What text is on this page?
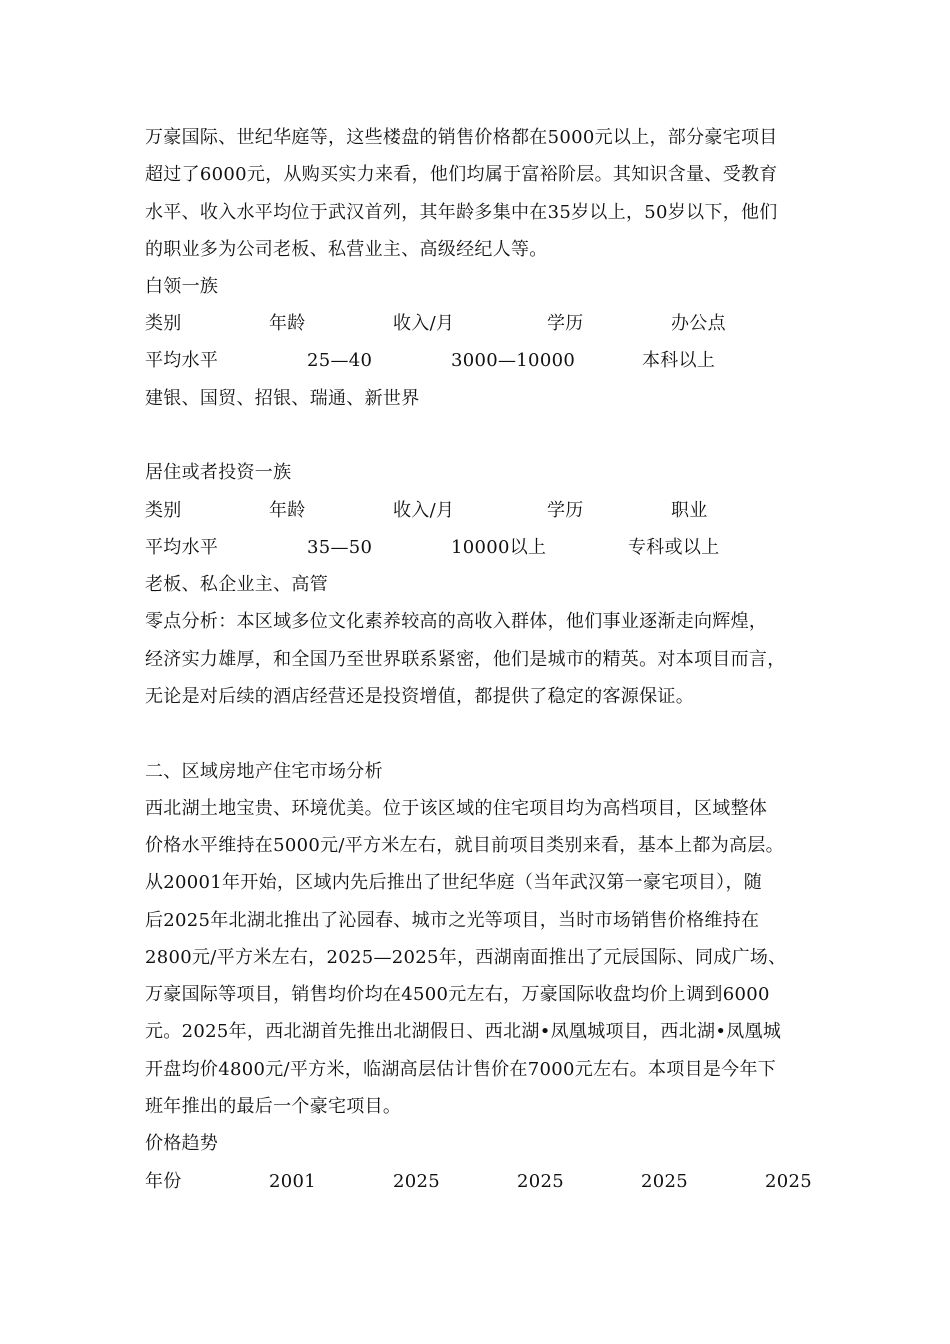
万豪国际、世纪华庭等，这些楼盘的销售价格都在5000元以上，部分豪宅项目
超过了6000元，从购买实力来看，他们均属于富裕阶层。其知识含量、受教育
水平、收入水平均位于武汉首列，其年龄多集中在35岁以上，50岁以下，他们
的职业多为公司老板、私营业主、高级经纪人等。
白领一族
类别	年龄	收入/月	学历	办公点
平均水平	25—40	3000—10000	本科以上
建银、国贸、招银、瑞通、新世界
居住或者投资一族
类别	年龄	收入/月	学历	职业
平均水平	35—50	10000以上	专科或以上
老板、私企业主、高管
零点分析：本区域多位文化素养较高的高收入群体，他们事业逐渐走向辉煌，
经济实力雄厚，和全国乃至世界联系紧密，他们是城市的精英。对本项目而言，
无论是对后续的酒店经营还是投资增值，都提供了稳定的客源保证。
二、区域房地产住宅市场分析
西北湖土地宝贵、环境优美。位于该区域的住宅项目均为高档项目，区域整体
价格水平维持在5000元/平方米左右，就目前项目类别来看，基本上都为高层。
从20001年开始，区域内先后推出了世纪华庭（当年武汉第一豪宅项目），随
后2025年北湖北推出了沁园春、城市之光等项目，当时市场销售价格维持在
2800元/平方米左右，2025—2025年，西湖南面推出了元辰国际、同成广场、
万豪国际等项目，销售均价均在4500元左右，万豪国际收盘均价上调到6000
元。2025年，西北湖首先推出北湖假日、西北湖•凤凰城项目，西北湖•凤凰城
开盘均价4800元/平方米，临湖高层估计售价在7000元左右。本项目是今年下
班年推出的最后一个豪宅项目。
价格趋势
年份	2001	2025	2025	2025	2025
